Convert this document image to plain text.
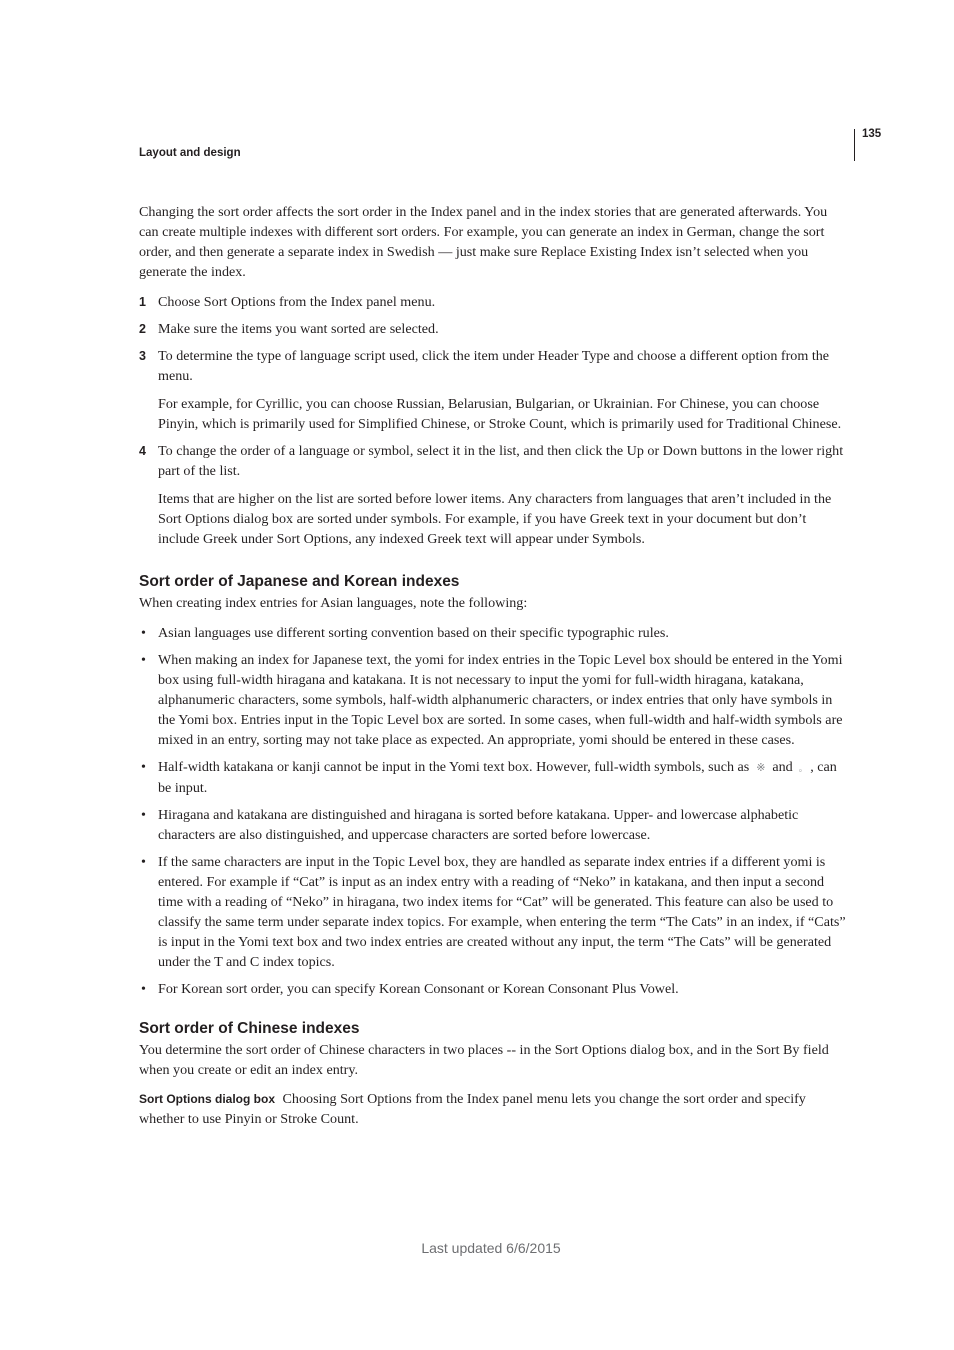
135
Layout and design

Changing the sort order affects the sort order in the Index panel and in the index stories that are generated afterwards. You can create multiple indexes with different sort orders. For example, you can generate an index in German, change the sort order, and then generate a separate index in Swedish — just make sure Replace Existing Index isn’t selected when you generate the index.

1 Choose Sort Options from the Index panel menu.

2 Make sure the items you want sorted are selected.

3 To determine the type of language script used, click the item under Header Type and choose a different option from the menu.

For example, for Cyrillic, you can choose Russian, Belarusian, Bulgarian, or Ukrainian. For Chinese, you can choose Pinyin, which is primarily used for Simplified Chinese, or Stroke Count, which is primarily used for Traditional Chinese.

4 To change the order of a language or symbol, select it in the list, and then click the Up or Down buttons in the lower right part of the list.

Items that are higher on the list are sorted before lower items. Any characters from languages that aren’t included in the Sort Options dialog box are sorted under symbols. For example, if you have Greek text in your document but don’t include Greek under Sort Options, any indexed Greek text will appear under Symbols.

Sort order of Japanese and Korean indexes

When creating index entries for Asian languages, note the following:

• Asian languages use different sorting convention based on their specific typographic rules.

• When making an index for Japanese text, the yomi for index entries in the Topic Level box should be entered in the Yomi box using full-width hiragana and katakana. It is not necessary to input the yomi for full-width hiragana, katakana, alphanumeric characters, some symbols, half-width alphanumeric characters, or index entries that only have symbols in the Yomi box. Entries input in the Topic Level box are sorted. In some cases, when full-width and half-width symbols are mixed in an entry, sorting may not take place as expected. An appropriate, yomi should be entered in these cases.

• Half-width katakana or kanji cannot be input in the Yomi text box. However, full-width symbols, such as ※ and 。 , can be input.

• Hiragana and katakana are distinguished and hiragana is sorted before katakana. Upper- and lowercase alphabetic characters are also distinguished, and uppercase characters are sorted before lowercase.

• If the same characters are input in the Topic Level box, they are handled as separate index entries if a different yomi is entered. For example if “Cat” is input as an index entry with a reading of “Neko” in katakana, and then input a second time with a reading of “Neko” in hiragana, two index items for “Cat” will be generated. This feature can also be used to classify the same term under separate index topics. For example, when entering the term “The Cats” in an index, if “Cats” is input in the Yomi text box and two index entries are created without any input, the term “The Cats” will be generated under the T and C index topics.

• For Korean sort order, you can specify Korean Consonant or Korean Consonant Plus Vowel.

Sort order of Chinese indexes

You determine the sort order of Chinese characters in two places -- in the Sort Options dialog box, and in the Sort By field when you create or edit an index entry.

Sort Options dialog box Choosing Sort Options from the Index panel menu lets you change the sort order and specify whether to use Pinyin or Stroke Count.

Last updated 6/6/2015
